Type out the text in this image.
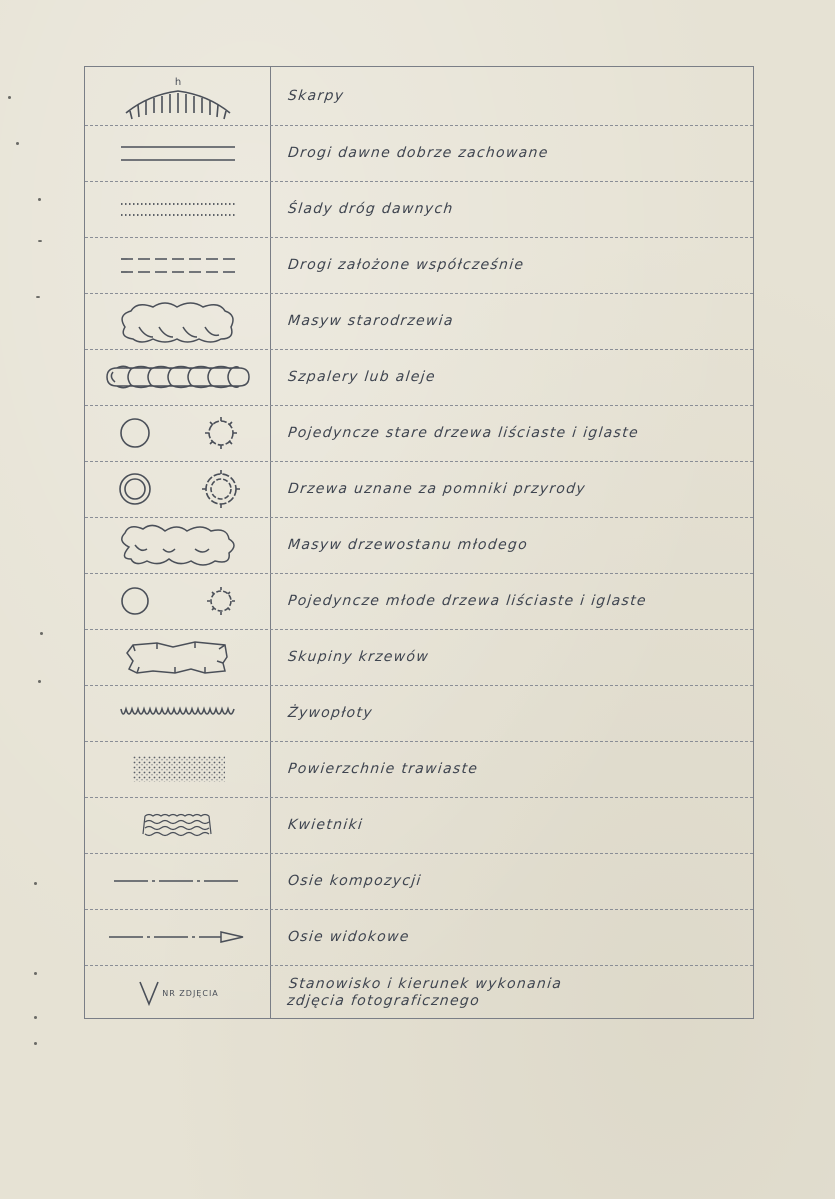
h
Skarpy
Drogi dawne dobrze zachowane
Ślady dróg dawnych
Drogi założone współcześnie
Masyw starodrzewia
Szpalery lub aleje
Pojedyncze stare drzewa liściaste i iglaste
Drzewa uznane za pomniki przyrody
Masyw drzewostanu młodego
Pojedyncze młode drzewa liściaste i iglaste
Skupiny krzewów
Żywopłoty
Powierzchnie trawiaste
Kwietniki
Osie kompozycji
Osie widokowe
NR ZDJĘCIA
Stanowisko i kierunek wykonania zdjęcia fotograficznego
